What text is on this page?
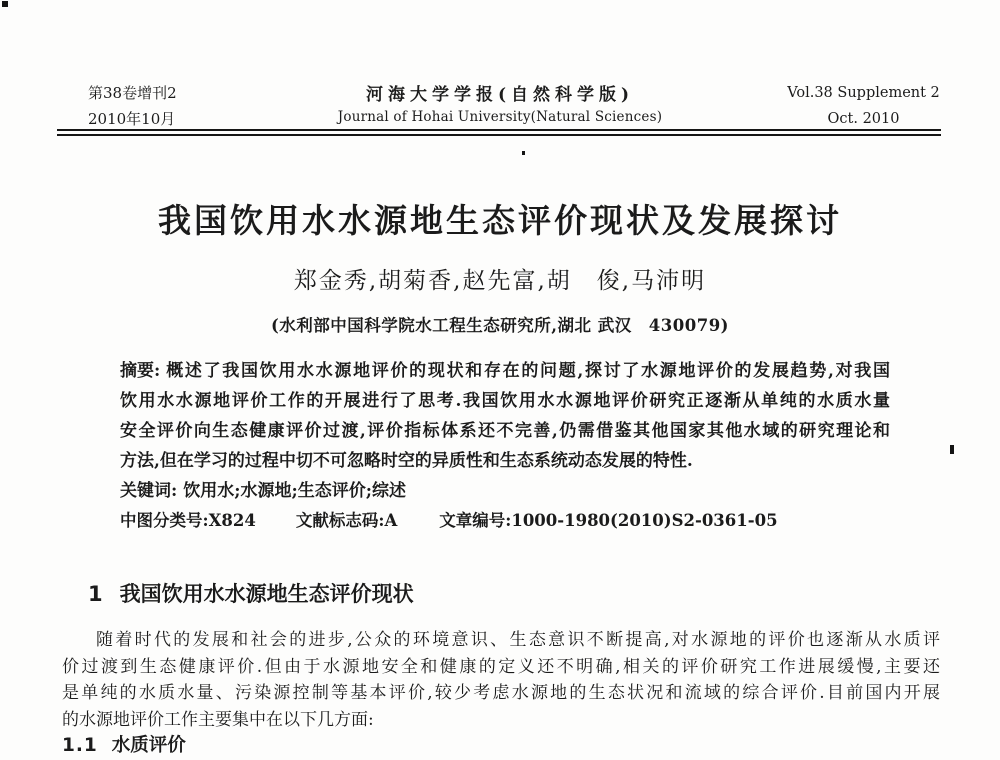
第38卷增刊2
2010年10月
河海大学学报(自然科学版)
Journal of Hohai University(Natural Sciences)
Vol.38 Supplement 2
Oct. 2010
我国饮用水水源地生态评价现状及发展探讨
郑金秀,胡菊香,赵先富,胡　俊,马沛明
(水利部中国科学院水工程生态研究所,湖北 武汉　430079)
摘要: 概述了我国饮用水水源地评价的现状和存在的问题,探讨了水源地评价的发展趋势,对我国
饮用水水源地评价工作的开展进行了思考.我国饮用水水源地评价研究正逐渐从单纯的水质水量
安全评价向生态健康评价过渡,评价指标体系还不完善,仍需借鉴其他国家其他水域的研究理论和
方法,但在学习的过程中切不可忽略时空的异质性和生态系统动态发展的特性.
关键词: 饮用水;水源地;生态评价;综述
中图分类号: X824 文献标志码: A	文章编号: 1000-1980(2010)S2-0361-05
1 我国饮用水水源地生态评价现状
随着时代的发展和社会的进步,公众的环境意识、生态意识不断提高,对水源地的评价也逐渐从水质评
价过渡到生态健康评价.但由于水源地安全和健康的定义还不明确,相关的评价研究工作进展缓慢,主要还
是单纯的水质水量、污染源控制等基本评价,较少考虑水源地的生态状况和流域的综合评价.目前国内开展
的水源地评价工作主要集中在以下几方面:
1.1 水质评价
